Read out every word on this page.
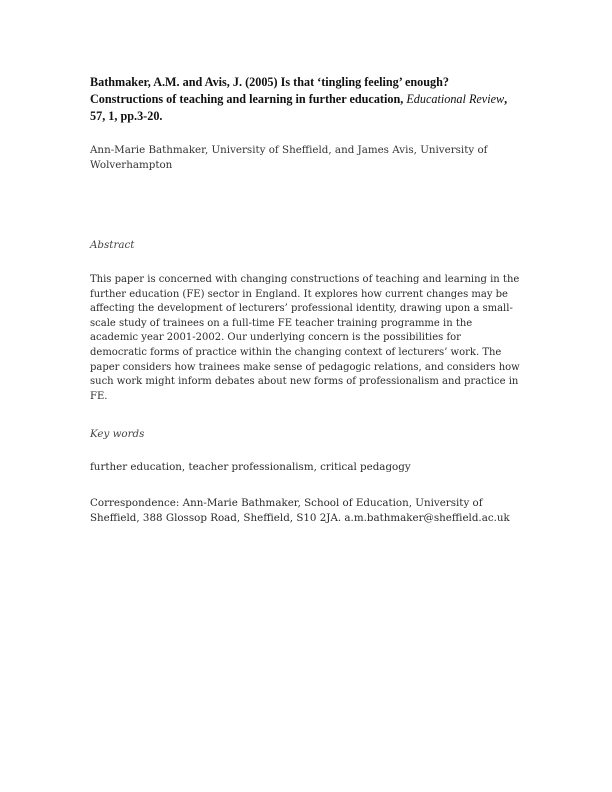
Bathmaker, A.M. and Avis, J. (2005) Is that ‘tingling feeling’ enough? Constructions of teaching and learning in further education, Educational Review, 57, 1, pp.3-20.

Ann-Marie Bathmaker, University of Sheffield, and James Avis, University of Wolverhampton

Abstract

This paper is concerned with changing constructions of teaching and learning in the further education (FE) sector in England. It explores how current changes may be affecting the development of lecturers’ professional identity, drawing upon a small-scale study of trainees on a full-time FE teacher training programme in the academic year 2001-2002. Our underlying concern is the possibilities for democratic forms of practice within the changing context of lecturers’ work. The paper considers how trainees make sense of pedagogic relations, and considers how such work might inform debates about new forms of professionalism and practice in FE.

Key words

further education, teacher professionalism, critical pedagogy

Correspondence: Ann-Marie Bathmaker, School of Education, University of Sheffield, 388 Glossop Road, Sheffield, S10 2JA. a.m.bathmaker@sheffield.ac.uk
